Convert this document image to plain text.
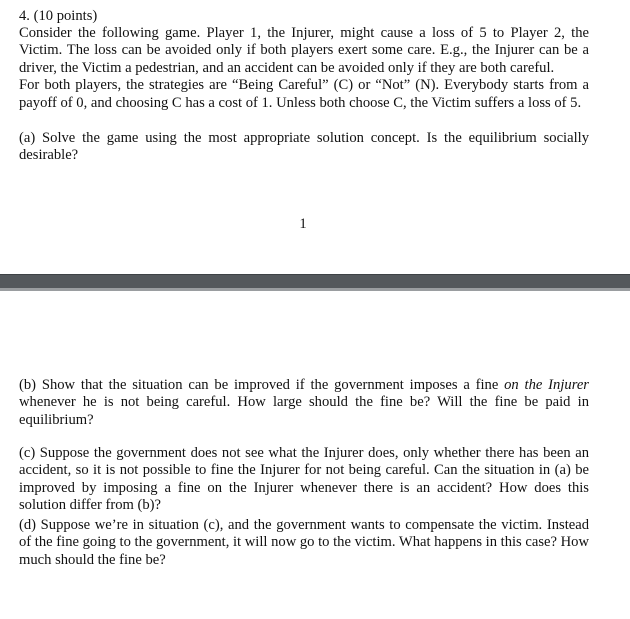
4. (10 points)

Consider the following game. Player 1, the Injurer, might cause a loss of 5 to Player 2, the Victim. The loss can be avoided only if both players exert some care. E.g., the Injurer can be a driver, the Victim a pedestrian, and an accident can be avoided only if they are both careful.

For both players, the strategies are “Being Careful” (C) or “Not” (N). Everybody starts from a payoff of 0, and choosing C has a cost of 1. Unless both choose C, the Victim suffers a loss of 5.

(a) Solve the game using the most appropriate solution concept. Is the equilibrium socially desirable?

1

(b) Show that the situation can be improved if the government imposes a fine on the Injurer whenever he is not being careful. How large should the fine be? Will the fine be paid in equilibrium?

(c) Suppose the government does not see what the Injurer does, only whether there has been an accident, so it is not possible to fine the Injurer for not being careful. Can the situation in (a) be improved by imposing a fine on the Injurer whenever there is an accident? How does this solution differ from (b)?

(d) Suppose we’re in situation (c), and the government wants to compensate the victim. Instead of the fine going to the government, it will now go to the victim. What happens in this case? How much should the fine be?
